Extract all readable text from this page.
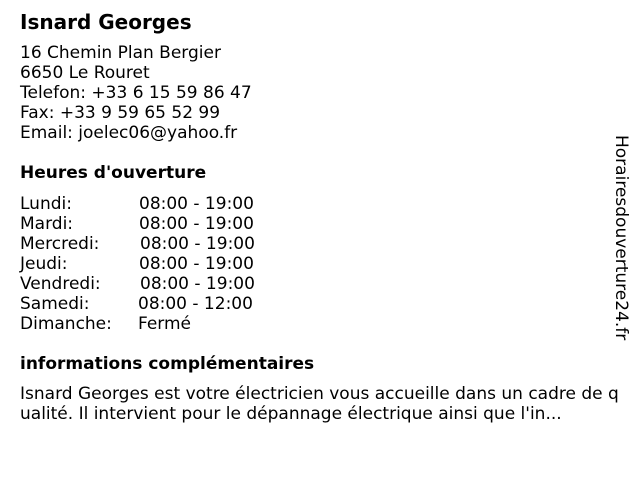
Isnard Georges
16 Chemin Plan Bergier
6650 Le Rouret
Telefon: +33 6 15 59 86 47
Fax: +33 9 59 65 52 99
Email: joelec06@yahoo.fr
Heures d'ouverture
Lundi:	08:00 - 19:00
Mardi:	08:00 - 19:00
Mercredi: 08:00 - 19:00
Jeudi:	08:00 - 19:00
Vendredi: 08:00 - 19:00
Samedi:	08:00 - 12:00
Dimanche: Fermé
informations complémentaires
Isnard Georges est votre électricien vous accueille dans un cadre de q
ualité. Il intervient pour le dépannage électrique ainsi que l'in...
Horairesdouverture24.fr
